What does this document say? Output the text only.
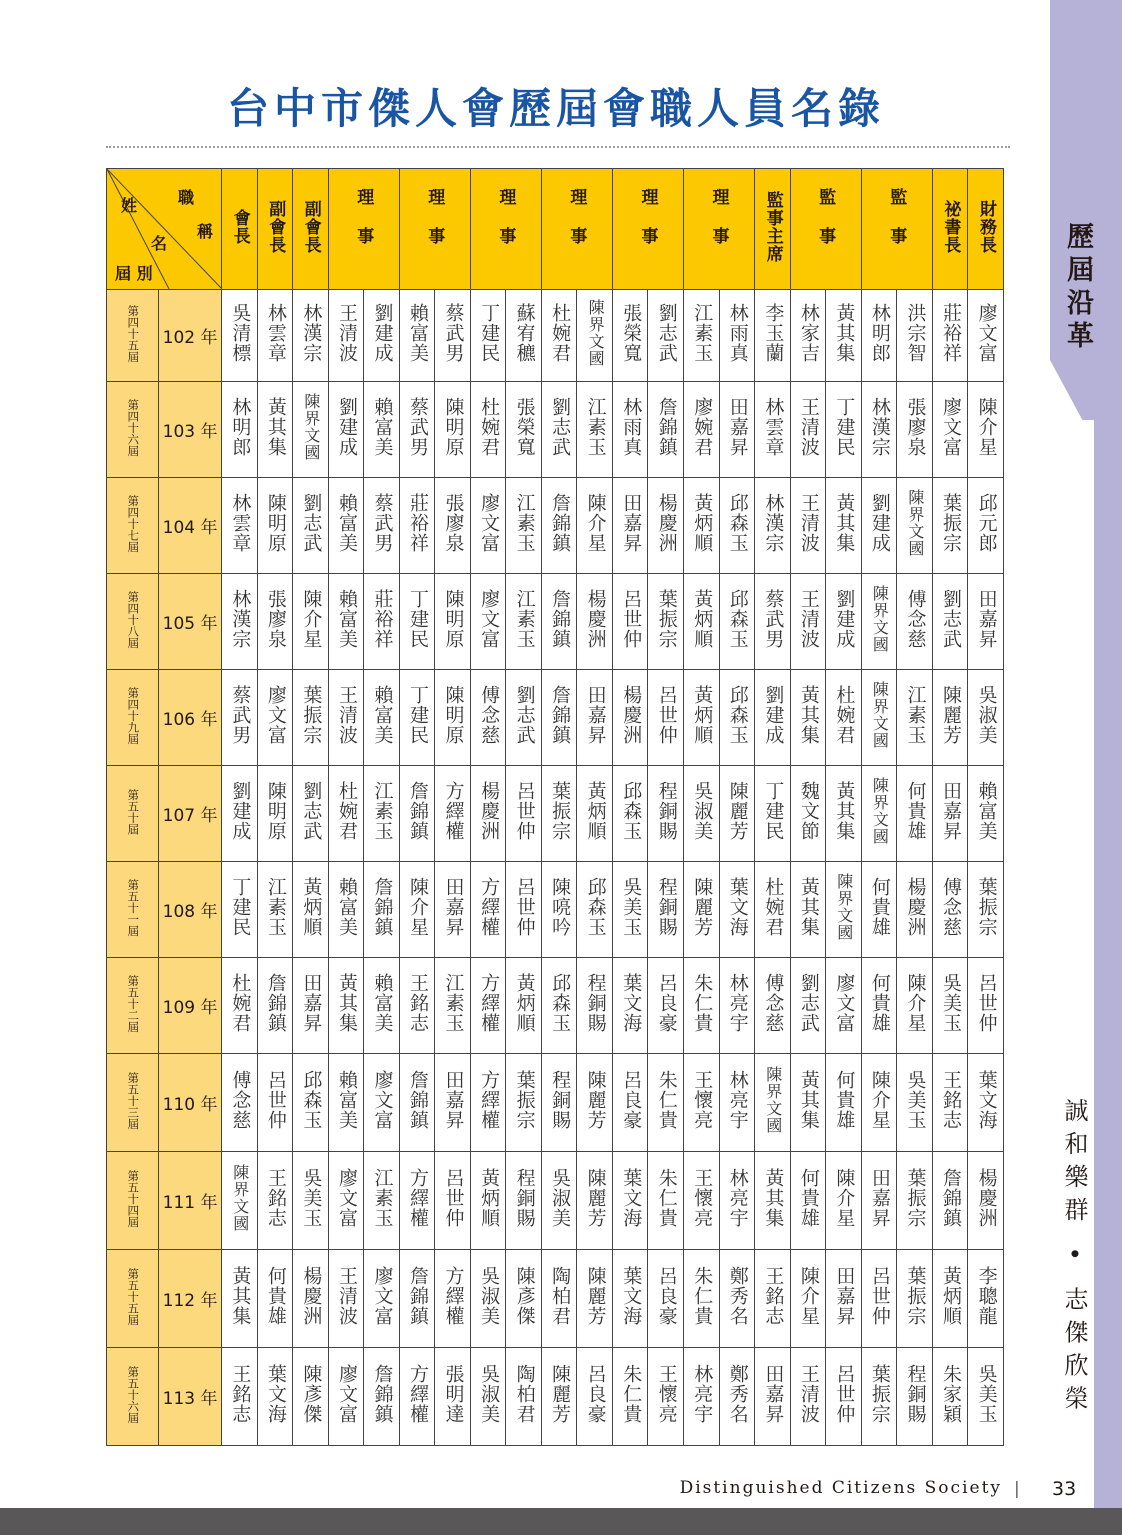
歷屆沿革
誠和樂群 • 志傑欣榮
台中市傑人會歷屆會職人員名錄
姓 職
稱
名
屆 別		會長	副會長	副會長	理事		理事		理事		理事		理事		理事		監事主席	監事		監事		祕書長	財務長
第四十五屆	102 年	吳清標	林雲章	林漢宗	王清波	劉建成	賴富美	蔡武男	丁建民	蘇宥穮	杜婉君	陳界文國	張榮寬	劉志武	江素玉	林雨真	李玉蘭	林家吉	黃其集	林明郎	洪宗智	莊裕祥	廖文富
第四十六屆	103 年	林明郎	黃其集	陳界文國	劉建成	賴富美	蔡武男	陳明原	杜婉君	張榮寬	劉志武	江素玉	林雨真	詹錦鎮	廖婉君	田嘉昇	林雲章	王清波	丁建民	林漢宗	張廖泉	廖文富	陳介星
第四十七屆	104 年	林雲章	陳明原	劉志武	賴富美	蔡武男	莊裕祥	張廖泉	廖文富	江素玉	詹錦鎮	陳介星	田嘉昇	楊慶洲	黃炳順	邱森玉	林漢宗	王清波	黃其集	劉建成	陳界文國	葉振宗	邱元郎
第四十八屆	105 年	林漢宗	張廖泉	陳介星	賴富美	莊裕祥	丁建民	陳明原	廖文富	江素玉	詹錦鎮	楊慶洲	呂世仲	葉振宗	黃炳順	邱森玉	蔡武男	王清波	劉建成	陳界文國	傅念慈	劉志武	田嘉昇
第四十九屆	106 年	蔡武男	廖文富	葉振宗	王清波	賴富美	丁建民	陳明原	傅念慈	劉志武	詹錦鎮	田嘉昇	楊慶洲	呂世仲	黃炳順	邱森玉	劉建成	黃其集	杜婉君	陳界文國	江素玉	陳麗芳	吳淑美
第五十屆	107 年	劉建成	陳明原	劉志武	杜婉君	江素玉	詹錦鎮	方繹權	楊慶洲	呂世仲	葉振宗	黃炳順	邱森玉	程銅賜	吳淑美	陳麗芳	丁建民	魏文節	黃其集	陳界文國	何貴雄	田嘉昇	賴富美
第五十一屆	108 年	丁建民	江素玉	黃炳順	賴富美	詹錦鎮	陳介星	田嘉昇	方繹權	呂世仲	陳喨吟	邱森玉	吳美玉	程銅賜	陳麗芳	葉文海	杜婉君	黃其集	陳界文國	何貴雄	楊慶洲	傅念慈	葉振宗
第五十二屆	109 年	杜婉君	詹錦鎮	田嘉昇	黃其集	賴富美	王銘志	江素玉	方繹權	黃炳順	邱森玉	程銅賜	葉文海	呂良豪	朱仁貴	林亮宇	傅念慈	劉志武	廖文富	何貴雄	陳介星	吳美玉	呂世仲
第五十三屆	110 年	傅念慈	呂世仲	邱森玉	賴富美	廖文富	詹錦鎮	田嘉昇	方繹權	葉振宗	程銅賜	陳麗芳	呂良豪	朱仁貴	王懷亮	林亮宇	陳界文國	黃其集	何貴雄	陳介星	吳美玉	王銘志	葉文海
第五十四屆	111 年	陳界文國	王銘志	吳美玉	廖文富	江素玉	方繹權	呂世仲	黃炳順	程銅賜	吳淑美	陳麗芳	葉文海	朱仁貴	王懷亮	林亮宇	黃其集	何貴雄	陳介星	田嘉昇	葉振宗	詹錦鎮	楊慶洲
第五十五屆	112 年	黃其集	何貴雄	楊慶洲	王清波	廖文富	詹錦鎮	方繹權	吳淑美	陳彥傑	陶柏君	陳麗芳	葉文海	呂良豪	朱仁貴	鄭秀名	王銘志	陳介星	田嘉昇	呂世仲	葉振宗	黃炳順	李聰龍
第五十六屆	113 年	王銘志	葉文海	陳彥傑	廖文富	詹錦鎮	方繹權	張明達	吳淑美	陶柏君	陳麗芳	呂良豪	朱仁貴	王懷亮	林亮宇	鄭秀名	田嘉昇	王清波	呂世仲	葉振宗	程銅賜	朱家穎	吳美玉
Distinguished Citizens Society | 33
